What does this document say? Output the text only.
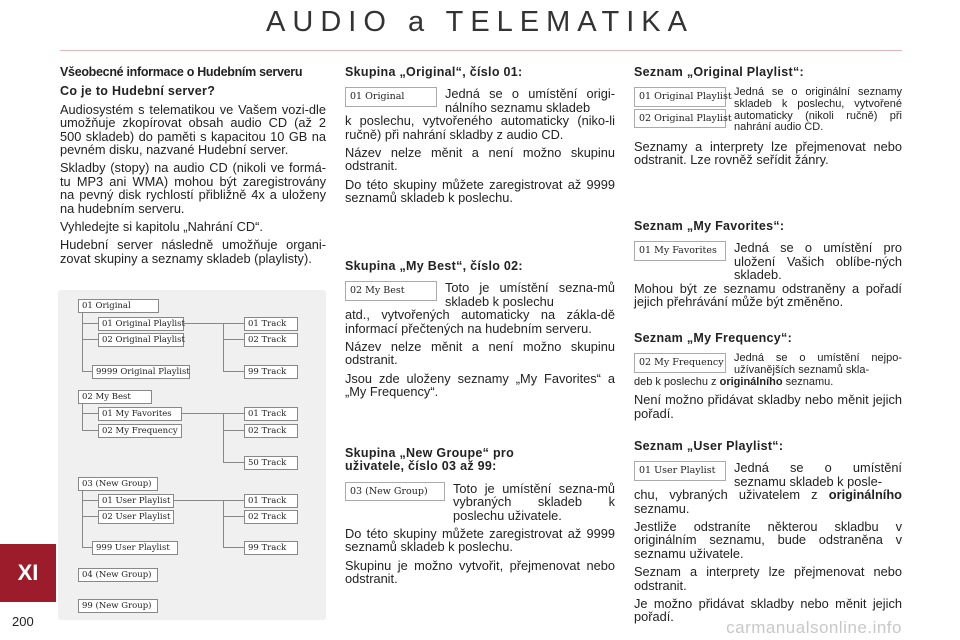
AUDIO a TELEMATIKA
Všeobecné informace o Hudebním serveru
Co je to Hudební server?

Audiosystém s telematikou ve Vašem vozi-dle umožňuje zkopírovat obsah audio CD (až 2 500 skladeb) do paměti s kapacitou 10 GB na pevném disku, nazvané Hudební server.

Skladby (stopy) na audio CD (nikoli ve formá-tu MP3 ani WMA) mohou být zaregistrovány na pevný disk rychlostí přibližně 4x a uloženy na hudebním serveru.

Vyhledejte si kapitolu „Nahrání CD“.

Hudební server následně umožňuje organi-zovat skupiny a seznamy skladeb (playlisty).

01 Original
01 Original Playlist
02 Original Playlist
9999 Original Playlist
01 Track
02 Track
99 Track
02 My Best
01 My Favorites
02 My Frequency
01 Track
02 Track
50 Track
03 (New Group)
01 User Playlist
02 User Playlist
999 User Playlist
01 Track
02 Track
99 Track
04 (New Group)
99 (New Group)
Skupina „Original“, číslo 01:
01 Original	Jedná se o umístění origi-nálního seznamu skladeb

k poslechu, vytvořeného automaticky (niko-li ručně) při nahrání skladby z audio CD.

Název nelze měnit a není možno skupinu odstranit.

Do této skupiny můžete zaregistrovat až 9999 seznamů skladeb k poslechu.

Skupina „My Best“, číslo 02:
02 My Best	Toto je umístění sezna-mů skladeb k poslechu

atd., vytvořených automaticky na zákla-dě informací přečtených na hudebním serveru.

Název nelze měnit a není možno skupinu odstranit.

Jsou zde uloženy seznamy „My Favorites“ a „My Frequency“.

Skupina „New Groupe“ pro uživatele, číslo 03 až 99:
03 (New Group)	Toto je umístění sezna-mů vybraných skladeb k poslechu uživatele.

Do této skupiny můžete zaregistrovat až 9999 seznamů skladeb k poslechu.

Skupinu je možno vytvořit, přejmenovat nebo odstranit.

Seznam „Original Playlist“:
01 Original Playlist
02 Original Playlist
Jedná se o originální seznamy skladeb k poslechu, vytvořené automaticky (nikoli ručně) při nahrání audio CD.

Seznamy a interprety lze přejmenovat nebo odstranit. Lze rovněž seřídit žánry.

Seznam „My Favorites“:
01 My Favorites	Jedná se o umístění pro uložení Vašich oblíbe-ných skladeb.

Mohou být ze seznamu odstraněny a pořadí jejich přehrávání může být změněno.

Seznam „My Frequency“:
02 My Frequency Jedná se o umístění nejpo-užívanějších seznamů skla-

deb k poslechu z originálního seznamu.

Není možno přidávat skladby nebo měnit jejich pořadí.

Seznam „User Playlist“:
01 User Playlist	Jedná se o umístění seznamu skladeb k posle-

chu, vybraných uživatelem z originálního seznamu.

Jestliže odstraníte některou skladbu v originálním seznamu, bude odstraněna v seznamu uživatele.

Seznam a interprety lze přejmenovat nebo odstranit.

Je možno přidávat skladby nebo měnit jejich pořadí.

XI
200	carmanualsonline.info
